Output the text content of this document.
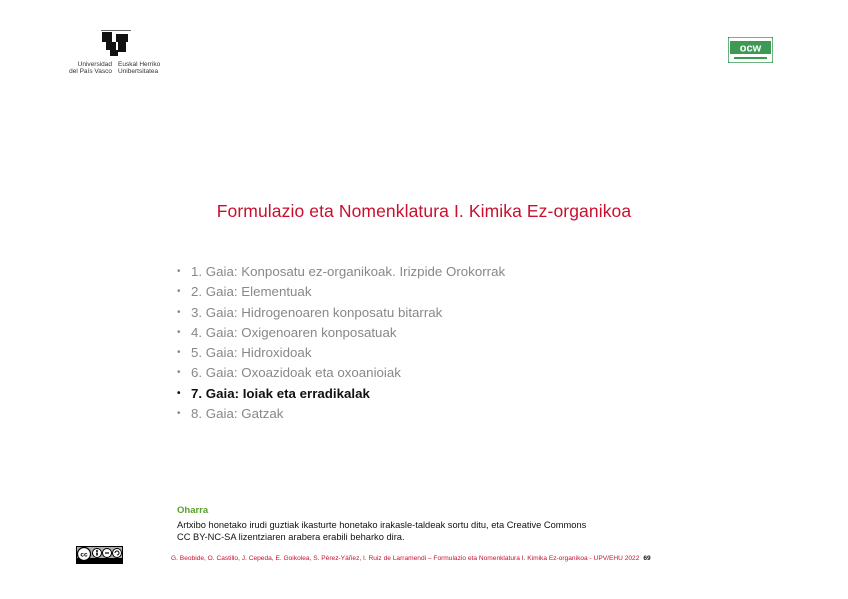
Universidad
del País Vasco
Euskal Herriko
Unibertsitatea
ocw
Formulazio eta Nomenklatura I. Kimika Ez-organikoa
• 1. Gaia: Konposatu ez-organikoak. Irizpide Orokorrak
• 2. Gaia: Elementuak
• 3. Gaia: Hidrogenoaren konposatu bitarrak
• 4. Gaia: Oxigenoaren konposatuak
• 5. Gaia: Hidroxidoak
• 6. Gaia: Oxoazidoak eta oxoanioiak
• 7. Gaia: Ioiak eta erradikalak
• 8. Gaia: Gatzak
Oharra
Artxibo honetako irudi guztiak ikasturte honetako irakasle-taldeak sortu ditu, eta Creative Commons
CC BY-NC-SA lizentziaren arabera erabili beharko dira.
cc	G. Beobide, O. Castillo, J. Cepeda, E. Goikolea, S. Pérez-Yáñez, I. Ruiz de Larramendi – Formulazio eta Nomenklatura I. Kimika Ez-organikoa - UPV/EHU 2022 69
